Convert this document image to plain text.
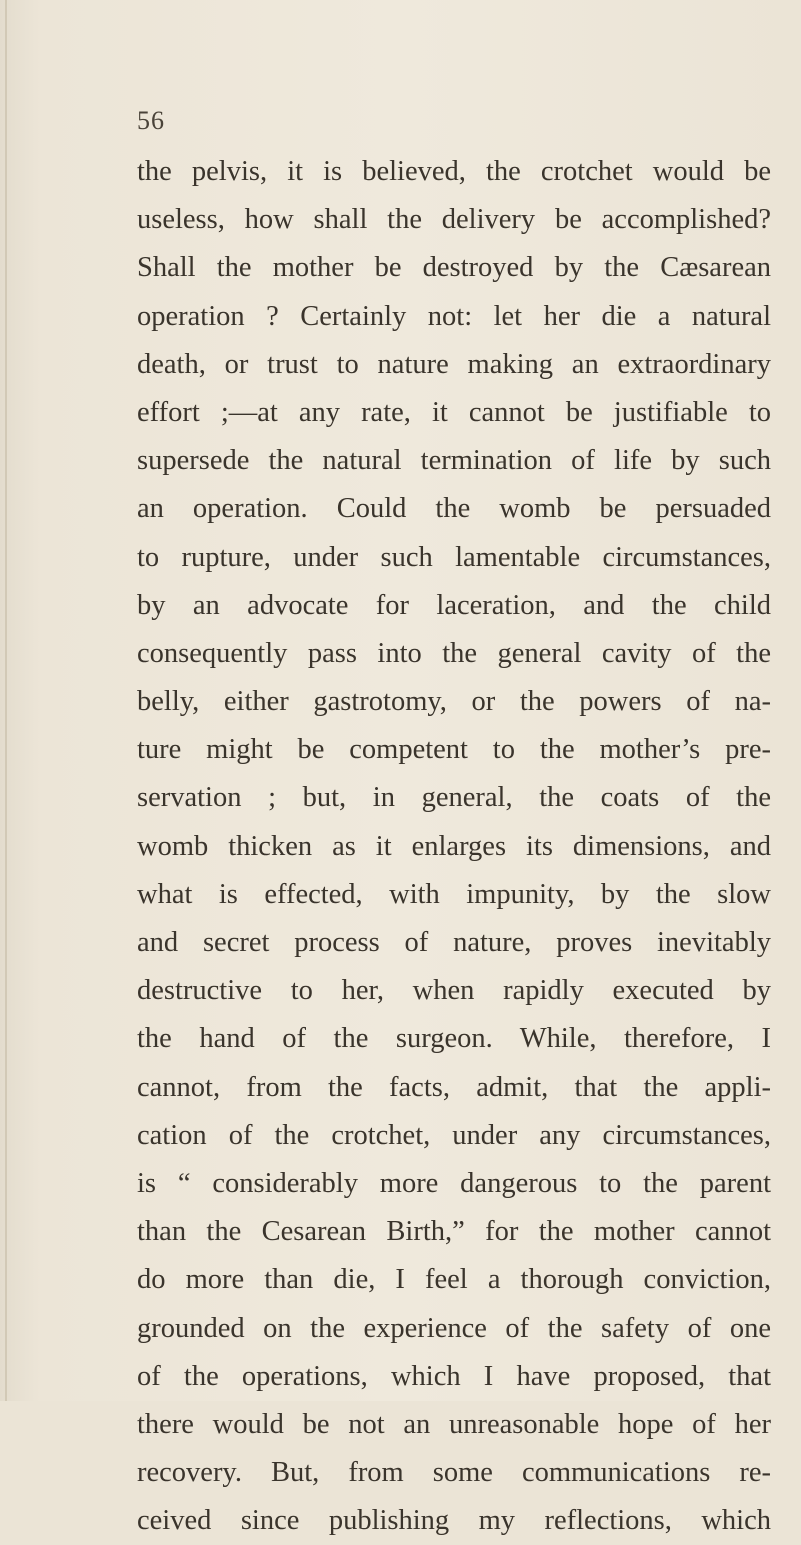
56
the pelvis, it is believed, the crotchet would be
useless, how shall the delivery be accomplished?
Shall the mother be destroyed by the Cæsarean
operation ? Certainly not: let her die a natural
death, or trust to nature making an extraordinary
effort ;—at any rate, it cannot be justifiable to
supersede the natural termination of life by such
an operation. Could the womb be persuaded
to rupture, under such lamentable circumstances,
by an advocate for laceration, and the child
consequently pass into the general cavity of the
belly, either gastrotomy, or the powers of na-
ture might be competent to the mother’s pre-
servation ; but, in general, the coats of the
womb thicken as it enlarges its dimensions, and
what is effected, with impunity, by the slow
and secret process of nature, proves inevitably
destructive to her, when rapidly executed by
the hand of the surgeon. While, therefore, I
cannot, from the facts, admit, that the appli-
cation of the crotchet, under any circumstances,
is “ considerably more dangerous to the parent
than the Cesarean Birth,” for the mother cannot
do more than die, I feel a thorough conviction,
grounded on the experience of the safety of one
of the operations, which I have proposed, that
there would be not an unreasonable hope of her
recovery. But, from some communications re-
ceived since publishing my reflections, which
